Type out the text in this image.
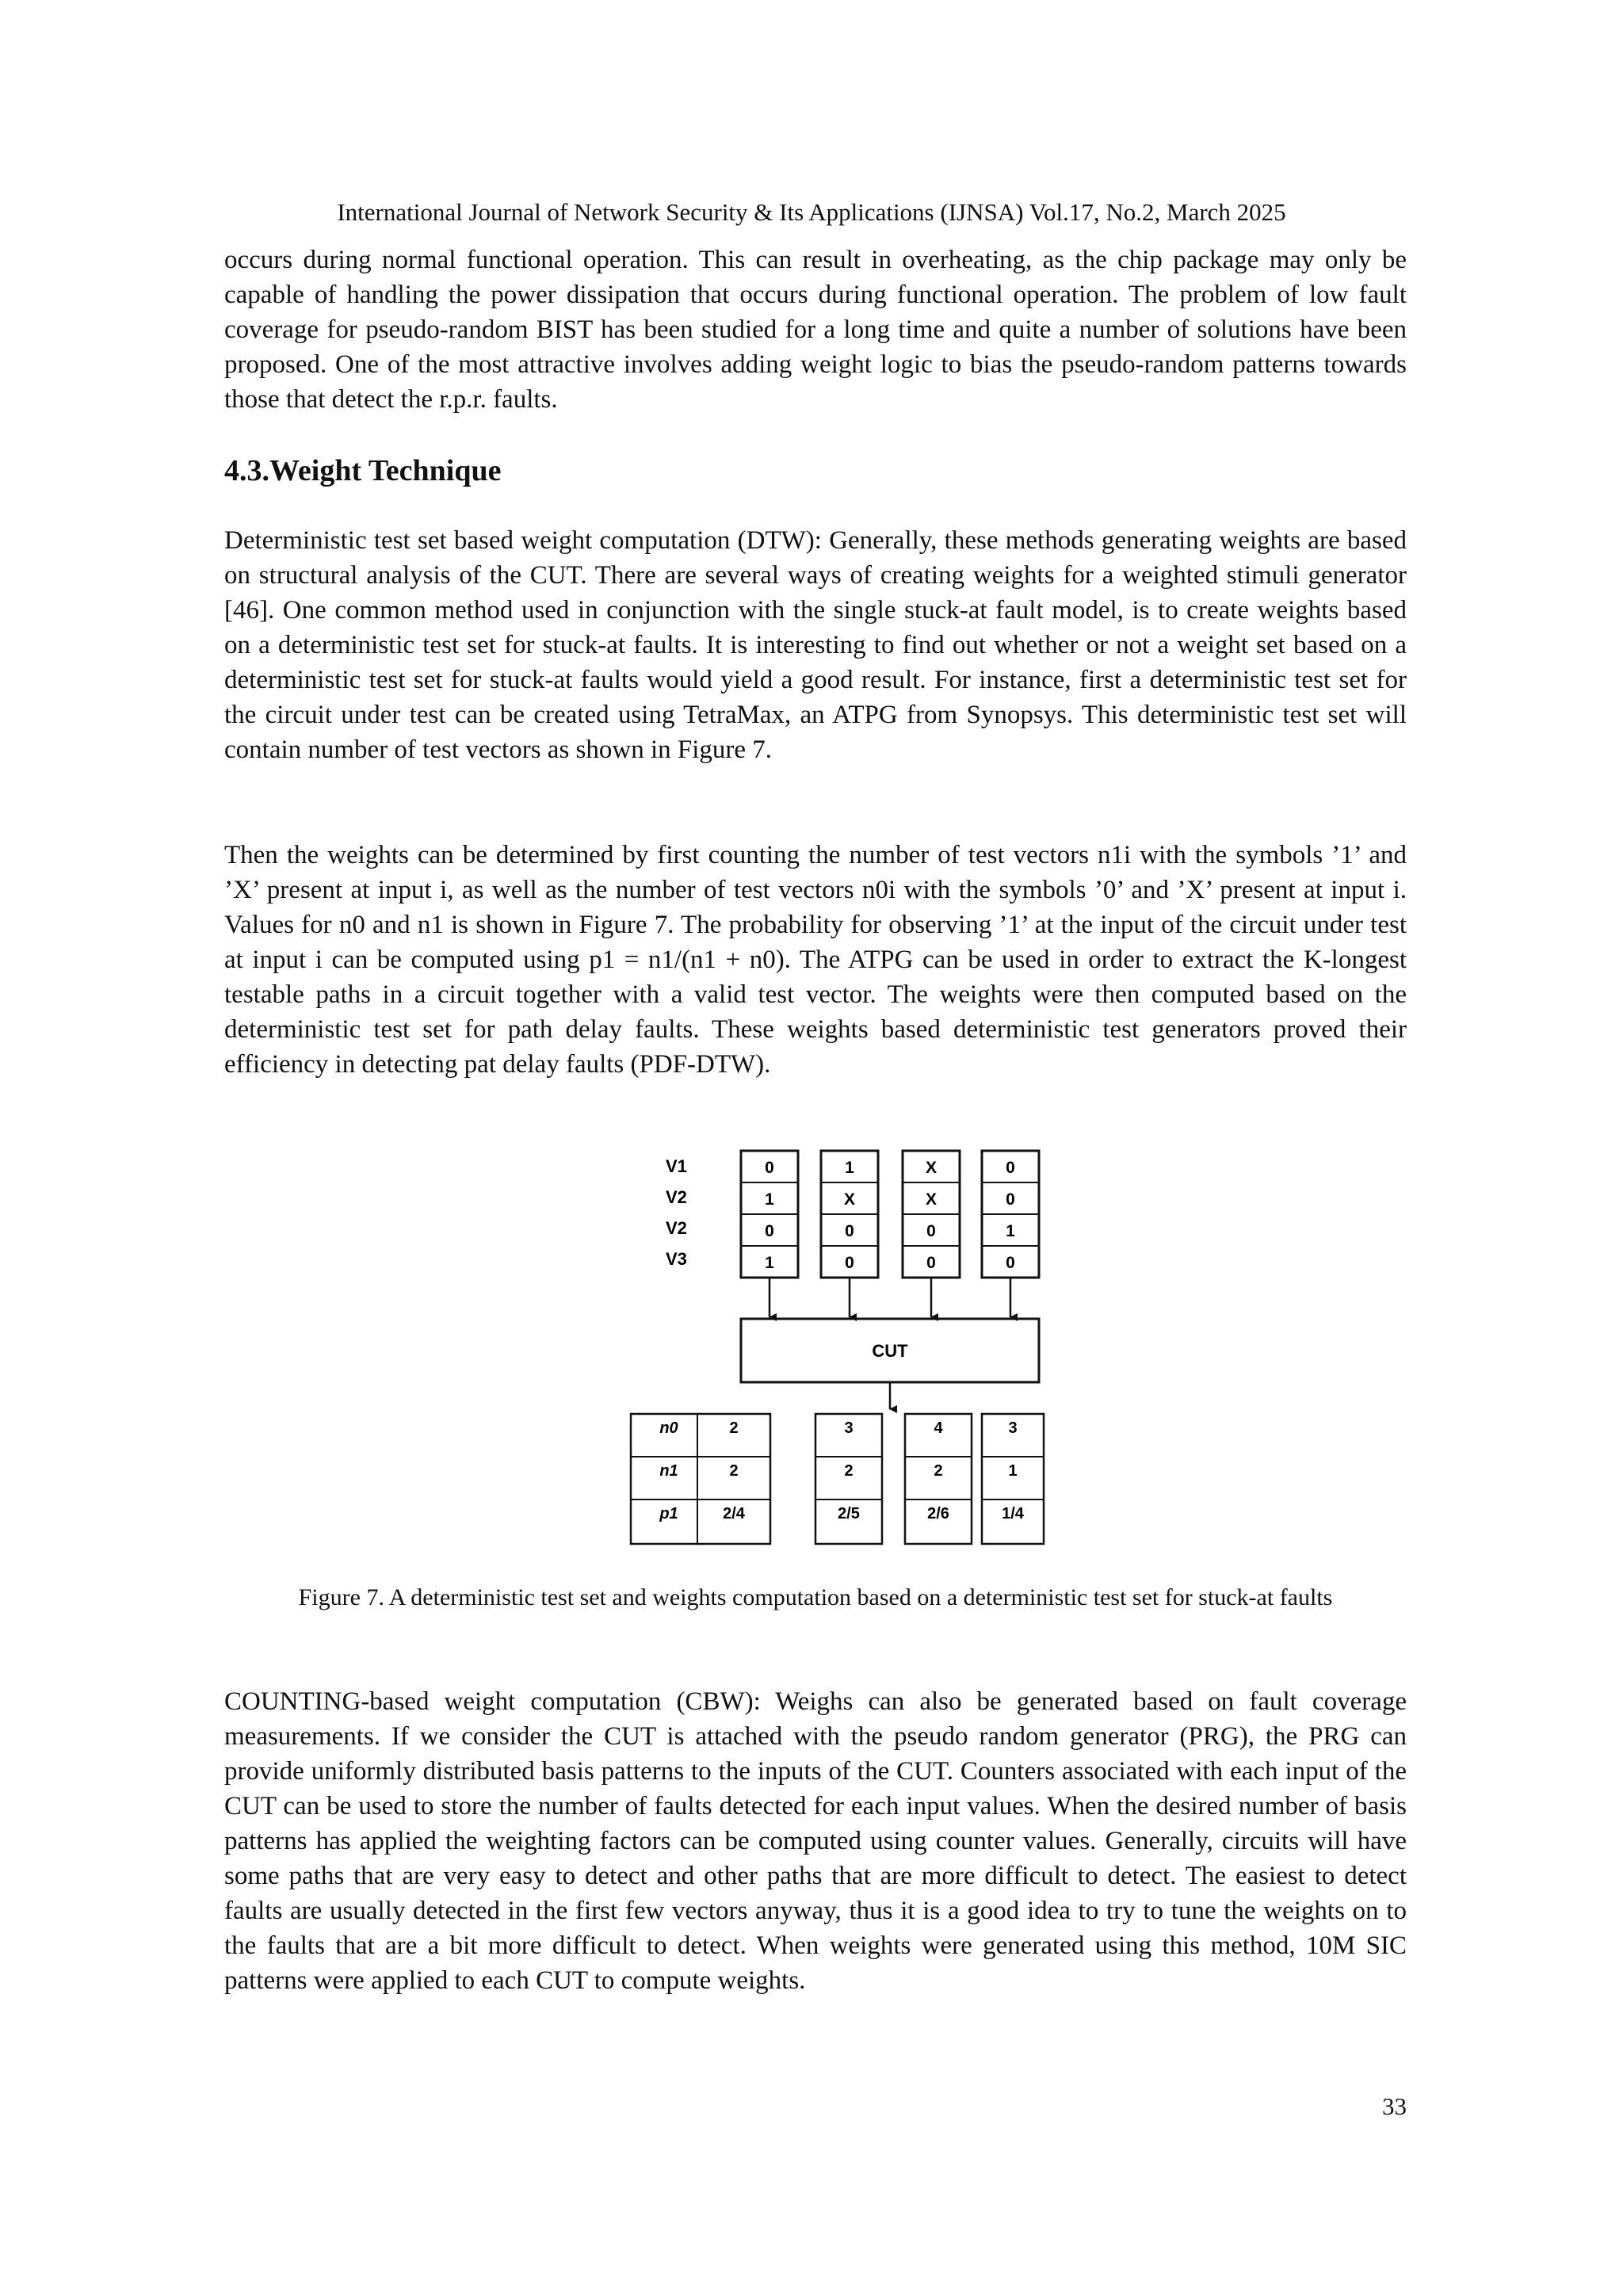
International Journal of Network Security & Its Applications (IJNSA) Vol.17, No.2, March 2025

occurs during normal functional operation. This can result in overheating, as the chip package may only be capable of handling the power dissipation that occurs during functional operation. The problem of low fault coverage for pseudo-random BIST has been studied for a long time and quite a number of solutions have been proposed. One of the most attractive involves adding weight logic to bias the pseudo-random patterns towards those that detect the r.p.r. faults.

4.3.Weight Technique

Deterministic test set based weight computation (DTW): Generally, these methods generating weights are based on structural analysis of the CUT. There are several ways of creating weights for a weighted stimuli generator [46]. One common method used in conjunction with the single stuck-at fault model, is to create weights based on a deterministic test set for stuck-at faults. It is interesting to find out whether or not a weight set based on a deterministic test set for stuck-at faults would yield a good result. For instance, first a deterministic test set for the circuit under test can be created using TetraMax, an ATPG from Synopsys. This deterministic test set will contain number of test vectors as shown in Figure 7.

Then the weights can be determined by first counting the number of test vectors n1i with the symbols ’1’ and ’X’ present at input i, as well as the number of test vectors n0i with the symbols ’0’ and ’X’ present at input i. Values for n0 and n1 is shown in Figure 7. The probability for observing ’1’ at the input of the circuit under test at input i can be computed using p1 = n1/(n1 + n0). The ATPG can be used in order to extract the K-longest testable paths in a circuit together with a valid test vector. The weights were then computed based on the deterministic test set for path delay faults. These weights based deterministic test generators proved their efficiency in detecting pat delay faults (PDF-DTW).

V1
V2
V2
V3
0
1
0
1
1
X
0
0
X
X
0
0
0
0
1
0
CUT
n0
n1
p1
2
2
2/4
3
2
2/5
4
2
2/6
3
1
1/4
Figure 7. A deterministic test set and weights computation based on a deterministic test set for stuck-at faults

COUNTING-based weight computation (CBW): Weighs can also be generated based on fault coverage measurements. If we consider the CUT is attached with the pseudo random generator (PRG), the PRG can provide uniformly distributed basis patterns to the inputs of the CUT. Counters associated with each input of the CUT can be used to store the number of faults detected for each input values. When the desired number of basis patterns has applied the weighting factors can be computed using counter values. Generally, circuits will have some paths that are very easy to detect and other paths that are more difficult to detect. The easiest to detect faults are usually detected in the first few vectors anyway, thus it is a good idea to try to tune the weights on to the faults that are a bit more difficult to detect. When weights were generated using this method, 10M SIC patterns were applied to each CUT to compute weights.

33
